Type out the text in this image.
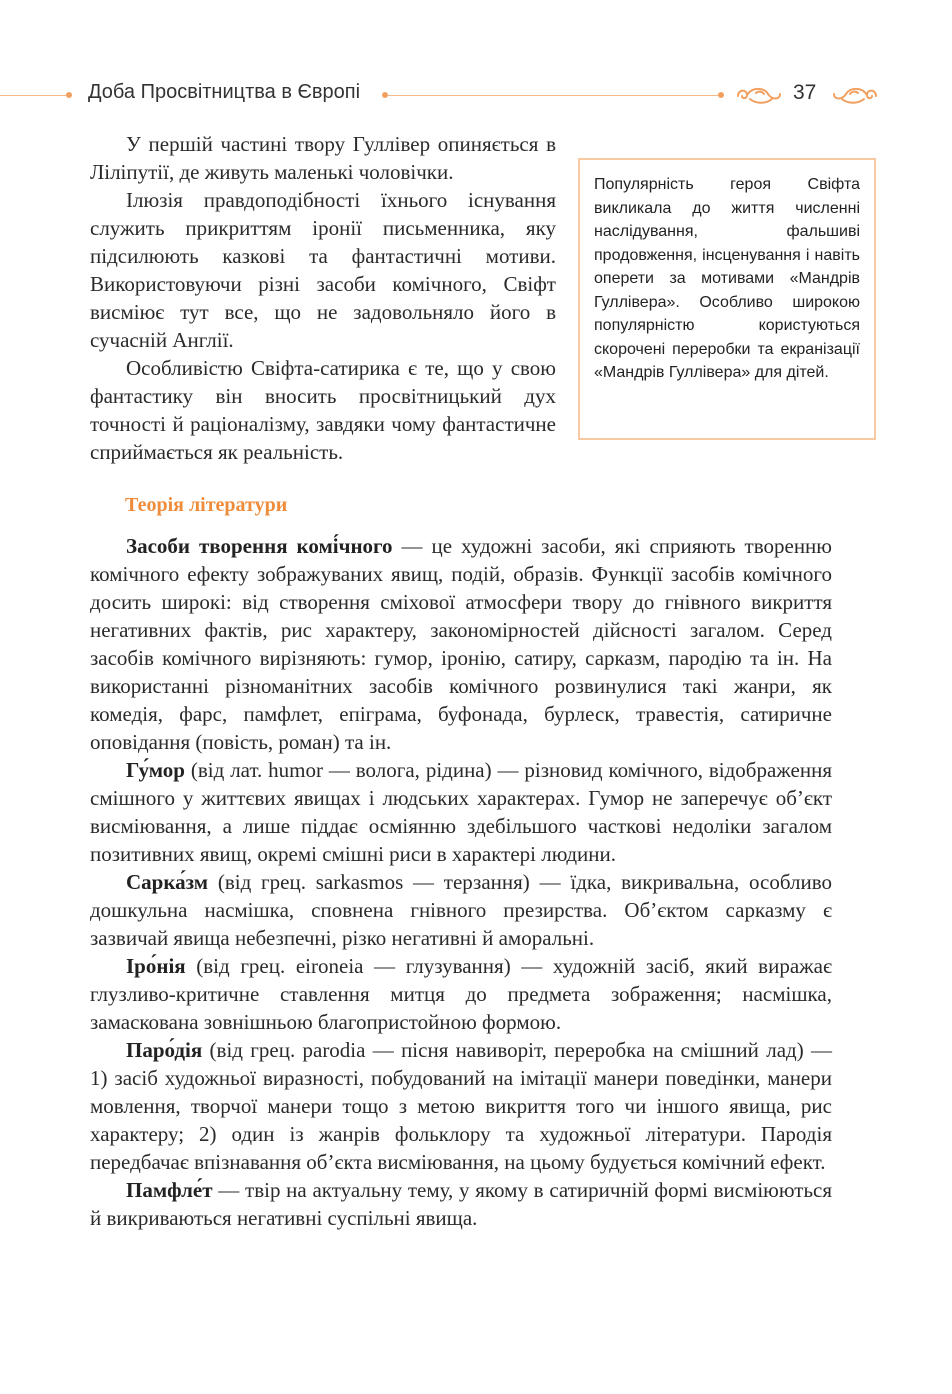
Доба Просвітництва в Європі	37

У першій частині твору Гуллівер опиняється в Ліліпутії, де живуть маленькі чоловічки.

Ілюзія правдоподібності їхнього існування служить прикриттям іронії письменника, яку підсилюють казкові та фантастичні мотиви. Використовуючи різні засоби комічного, Свіфт висміює тут все, що не задовольняло його в сучасній Англії.

Особливістю Свіфта-сатирика є те, що у свою фантастику він вносить просвітницький дух точності й раціоналізму, завдяки чому фантастичне сприймається як реальність.

Популярність героя Свіфта викликала до життя численні наслідування, фальшиві продовження, інсценування і навіть оперети за мотивами «Мандрів Гуллівера». Особливо широкою популярністю користуються скорочені переробки та екранізації «Мандрів Гуллівера» для дітей.

Теорія літератури

Засоби творення комі́чного — це художні засоби, які сприяють творенню комічного ефекту зображуваних явищ, подій, образів. Функції засобів комічного досить широкі: від створення сміхової атмосфери твору до гнівного викриття негативних фактів, рис характеру, закономірностей дійсності загалом. Серед засобів комічного вирізняють: гумор, іронію, сатиру, сарказм, пародію та ін. На використанні різноманітних засобів комічного розвинулися такі жанри, як комедія, фарс, памфлет, епіграма, буфонада, бурлеск, травестія, сатиричне оповідання (повість, роман) та ін.

Гу́мор (від лат. humor — волога, рідина) — різновид комічного, відображення смішного у життєвих явищах і людських характерах. Гумор не заперечує об’єкт висміювання, а лише піддає осміянню здебільшого часткові недоліки загалом позитивних явищ, окремі смішні риси в характері людини.

Сарка́зм (від грец. sarkasmos — терзання) — їдка, викривальна, особливо дошкульна насмішка, сповнена гнівного презирства. Об’єктом сарказму є зазвичай явища небезпечні, різко негативні й аморальні.

Іро́нія (від грец. eironeia — глузування) — художній засіб, який виражає глузливо-критичне ставлення митця до предмета зображення; насмішка, замаскована зовнішньою благопристойною формою.

Паро́дія (від грец. parodia — пісня навиворіт, переробка на смішний лад) — 1) засіб художньої виразності, побудований на імітації манери поведінки, манери мовлення, творчої манери тощо з метою викриття того чи іншого явища, рис характеру; 2) один із жанрів фольклору та художньої літератури. Пародія передбачає впізнавання об’єкта висміювання, на цьому будується комічний ефект.

Памфле́т — твір на актуальну тему, у якому в сатиричній формі висміюються й викриваються негативні суспільні явища.
